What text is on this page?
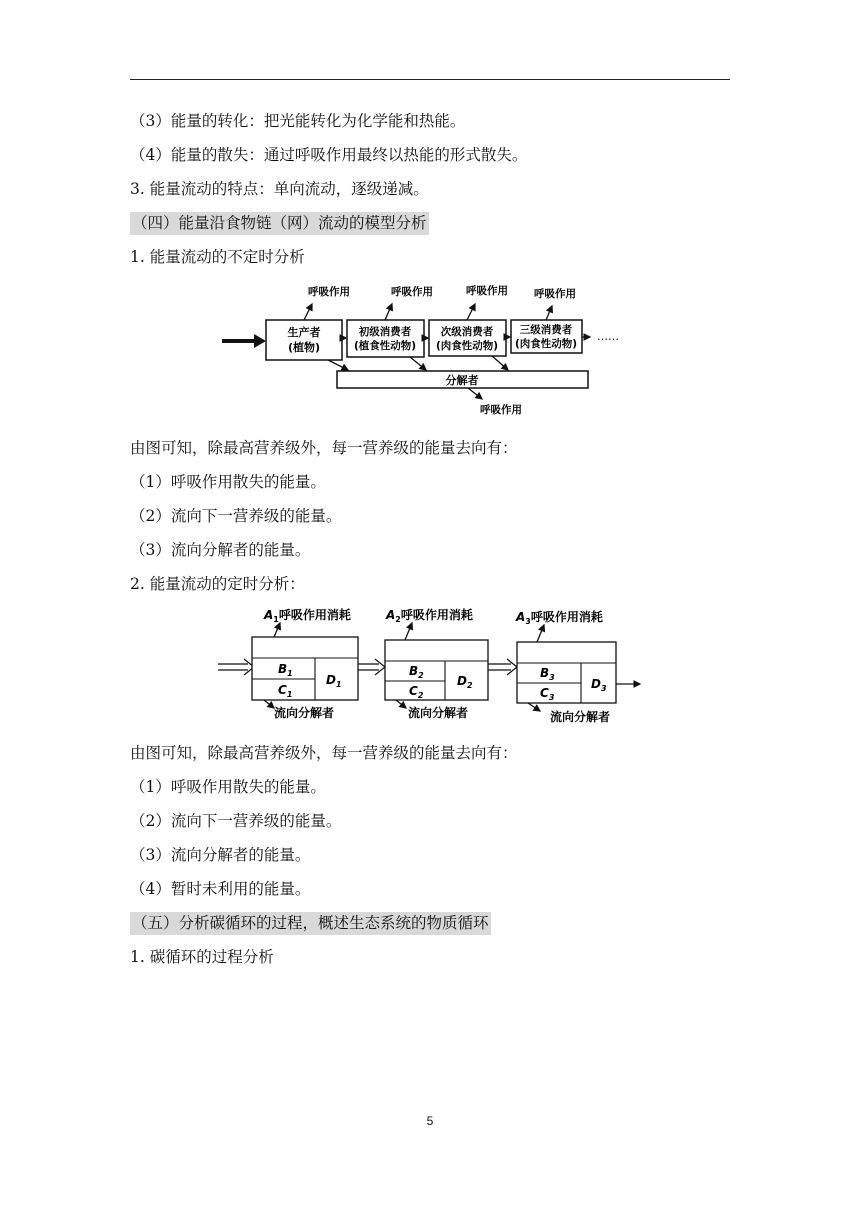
（3）能量的转化：把光能转化为化学能和热能。
（4）能量的散失：通过呼吸作用最终以热能的形式散失。
3. 能量流动的特点：单向流动，逐级递减。
（四）能量沿食物链（网）流动的模型分析
1. 能量流动的不定时分析
生产者
(植物)
初级消费者
(植食性动物)
次级消费者
(肉食性动物)
三级消费者
(肉食性动物)
分解者
……
呼吸作用	呼吸作用	呼吸作用 呼吸作用
呼吸作用
由图可知，除最高营养级外，每一营养级的能量去向有：
（1）呼吸作用散失的能量。
（2）流向下一营养级的能量。
（3）流向分解者的能量。
2. 能量流动的定时分析：
$B_1$
$C_1$
$D_1$
$A_1$呼吸作用消耗
流向分解者
$B_2$
$C_2$
$D_2$
$A_2$呼吸作用消耗
流向分解者
$B_3$
$C_3$
$D_3$
$A_3$呼吸作用消耗
流向分解者
由图可知，除最高营养级外，每一营养级的能量去向有：
（1）呼吸作用散失的能量。
（2）流向下一营养级的能量。
（3）流向分解者的能量。
（4）暂时未利用的能量。
（五）分析碳循环的过程，概述生态系统的物质循环
1. 碳循环的过程分析
5
